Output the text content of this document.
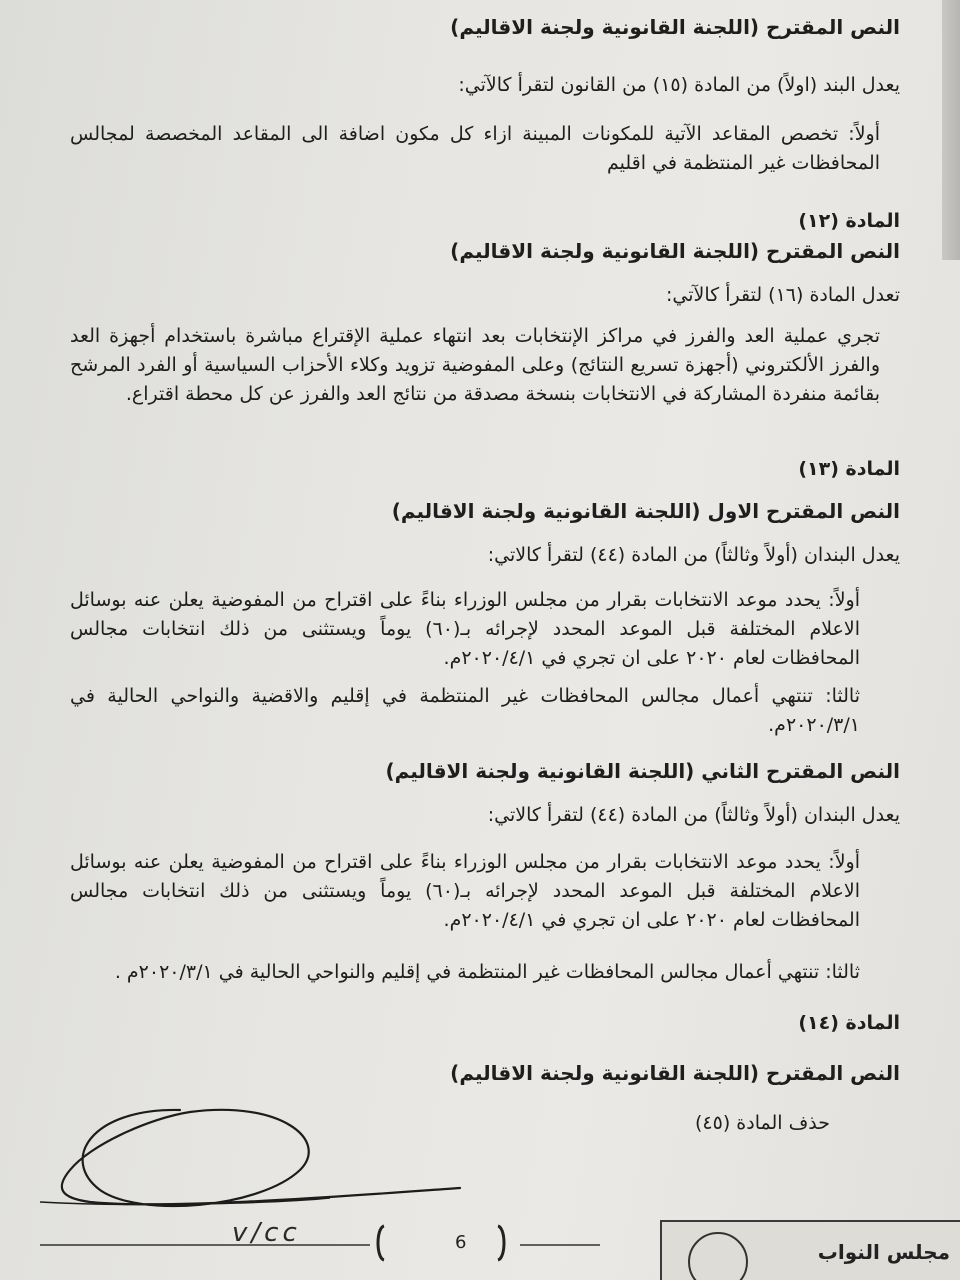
النص المقترح (اللجنة القانونية ولجنة الاقاليم)
يعدل البند (اولاً) من المادة (١٥) من القانون لتقرأ كالآتي:
أولاً: تخصص المقاعد الآتية للمكونات المبينة ازاء كل مكون اضافة الى المقاعد المخصصة لمجالس المحافظات غير المنتظمة في اقليم
المادة (١٢)
النص المقترح (اللجنة القانونية ولجنة الاقاليم)
تعدل المادة (١٦) لتقرأ كالآتي:
تجري عملية العد والفرز في مراكز الإنتخابات بعد انتهاء عملية الإقتراع مباشرة باستخدام أجهزة العد والفرز الألكتروني (أجهزة تسريع النتائج) وعلى المفوضية تزويد وكلاء الأحزاب السياسية أو الفرد المرشح بقائمة منفردة المشاركة في الانتخابات بنسخة مصدقة من نتائج العد والفرز عن كل محطة اقتراع.
المادة (١٣)
النص المقترح الاول (اللجنة القانونية ولجنة الاقاليم)
يعدل البندان (أولاً وثالثاً) من المادة (٤٤) لتقرأ كالاتي:
أولاً: يحدد موعد الانتخابات بقرار من مجلس الوزراء بناءً على اقتراح من المفوضية يعلن عنه بوسائل الاعلام المختلفة قبل الموعد المحدد لإجرائه بـ(٦٠) يوماً ويستثنى من ذلك انتخابات مجالس المحافظات لعام ٢٠٢٠ على ان تجري في ٢٠٢٠/٤/١م.
ثالثا: تنتهي أعمال مجالس المحافظات غير المنتظمة في إقليم والاقضية والنواحي الحالية في ٢٠٢٠/٣/١م.
النص المقترح الثاني (اللجنة القانونية ولجنة الاقاليم)
يعدل البندان (أولاً وثالثاً) من المادة (٤٤) لتقرأ كالاتي:
أولاً: يحدد موعد الانتخابات بقرار من مجلس الوزراء بناءً على اقتراح من المفوضية يعلن عنه بوسائل الاعلام المختلفة قبل الموعد المحدد لإجرائه بـ(٦٠) يوماً ويستثنى من ذلك انتخابات مجالس المحافظات لعام ٢٠٢٠ على ان تجري في ٢٠٢٠/٤/١م.
ثالثا: تنتهي أعمال مجالس المحافظات غير المنتظمة في إقليم والنواحي الحالية في ٢٠٢٠/٣/١م .
المادة (١٤)
النص المقترح (اللجنة القانونية ولجنة الاقاليم)
حذف المادة (٤٥)
6
v/cc
مجلس النواب
